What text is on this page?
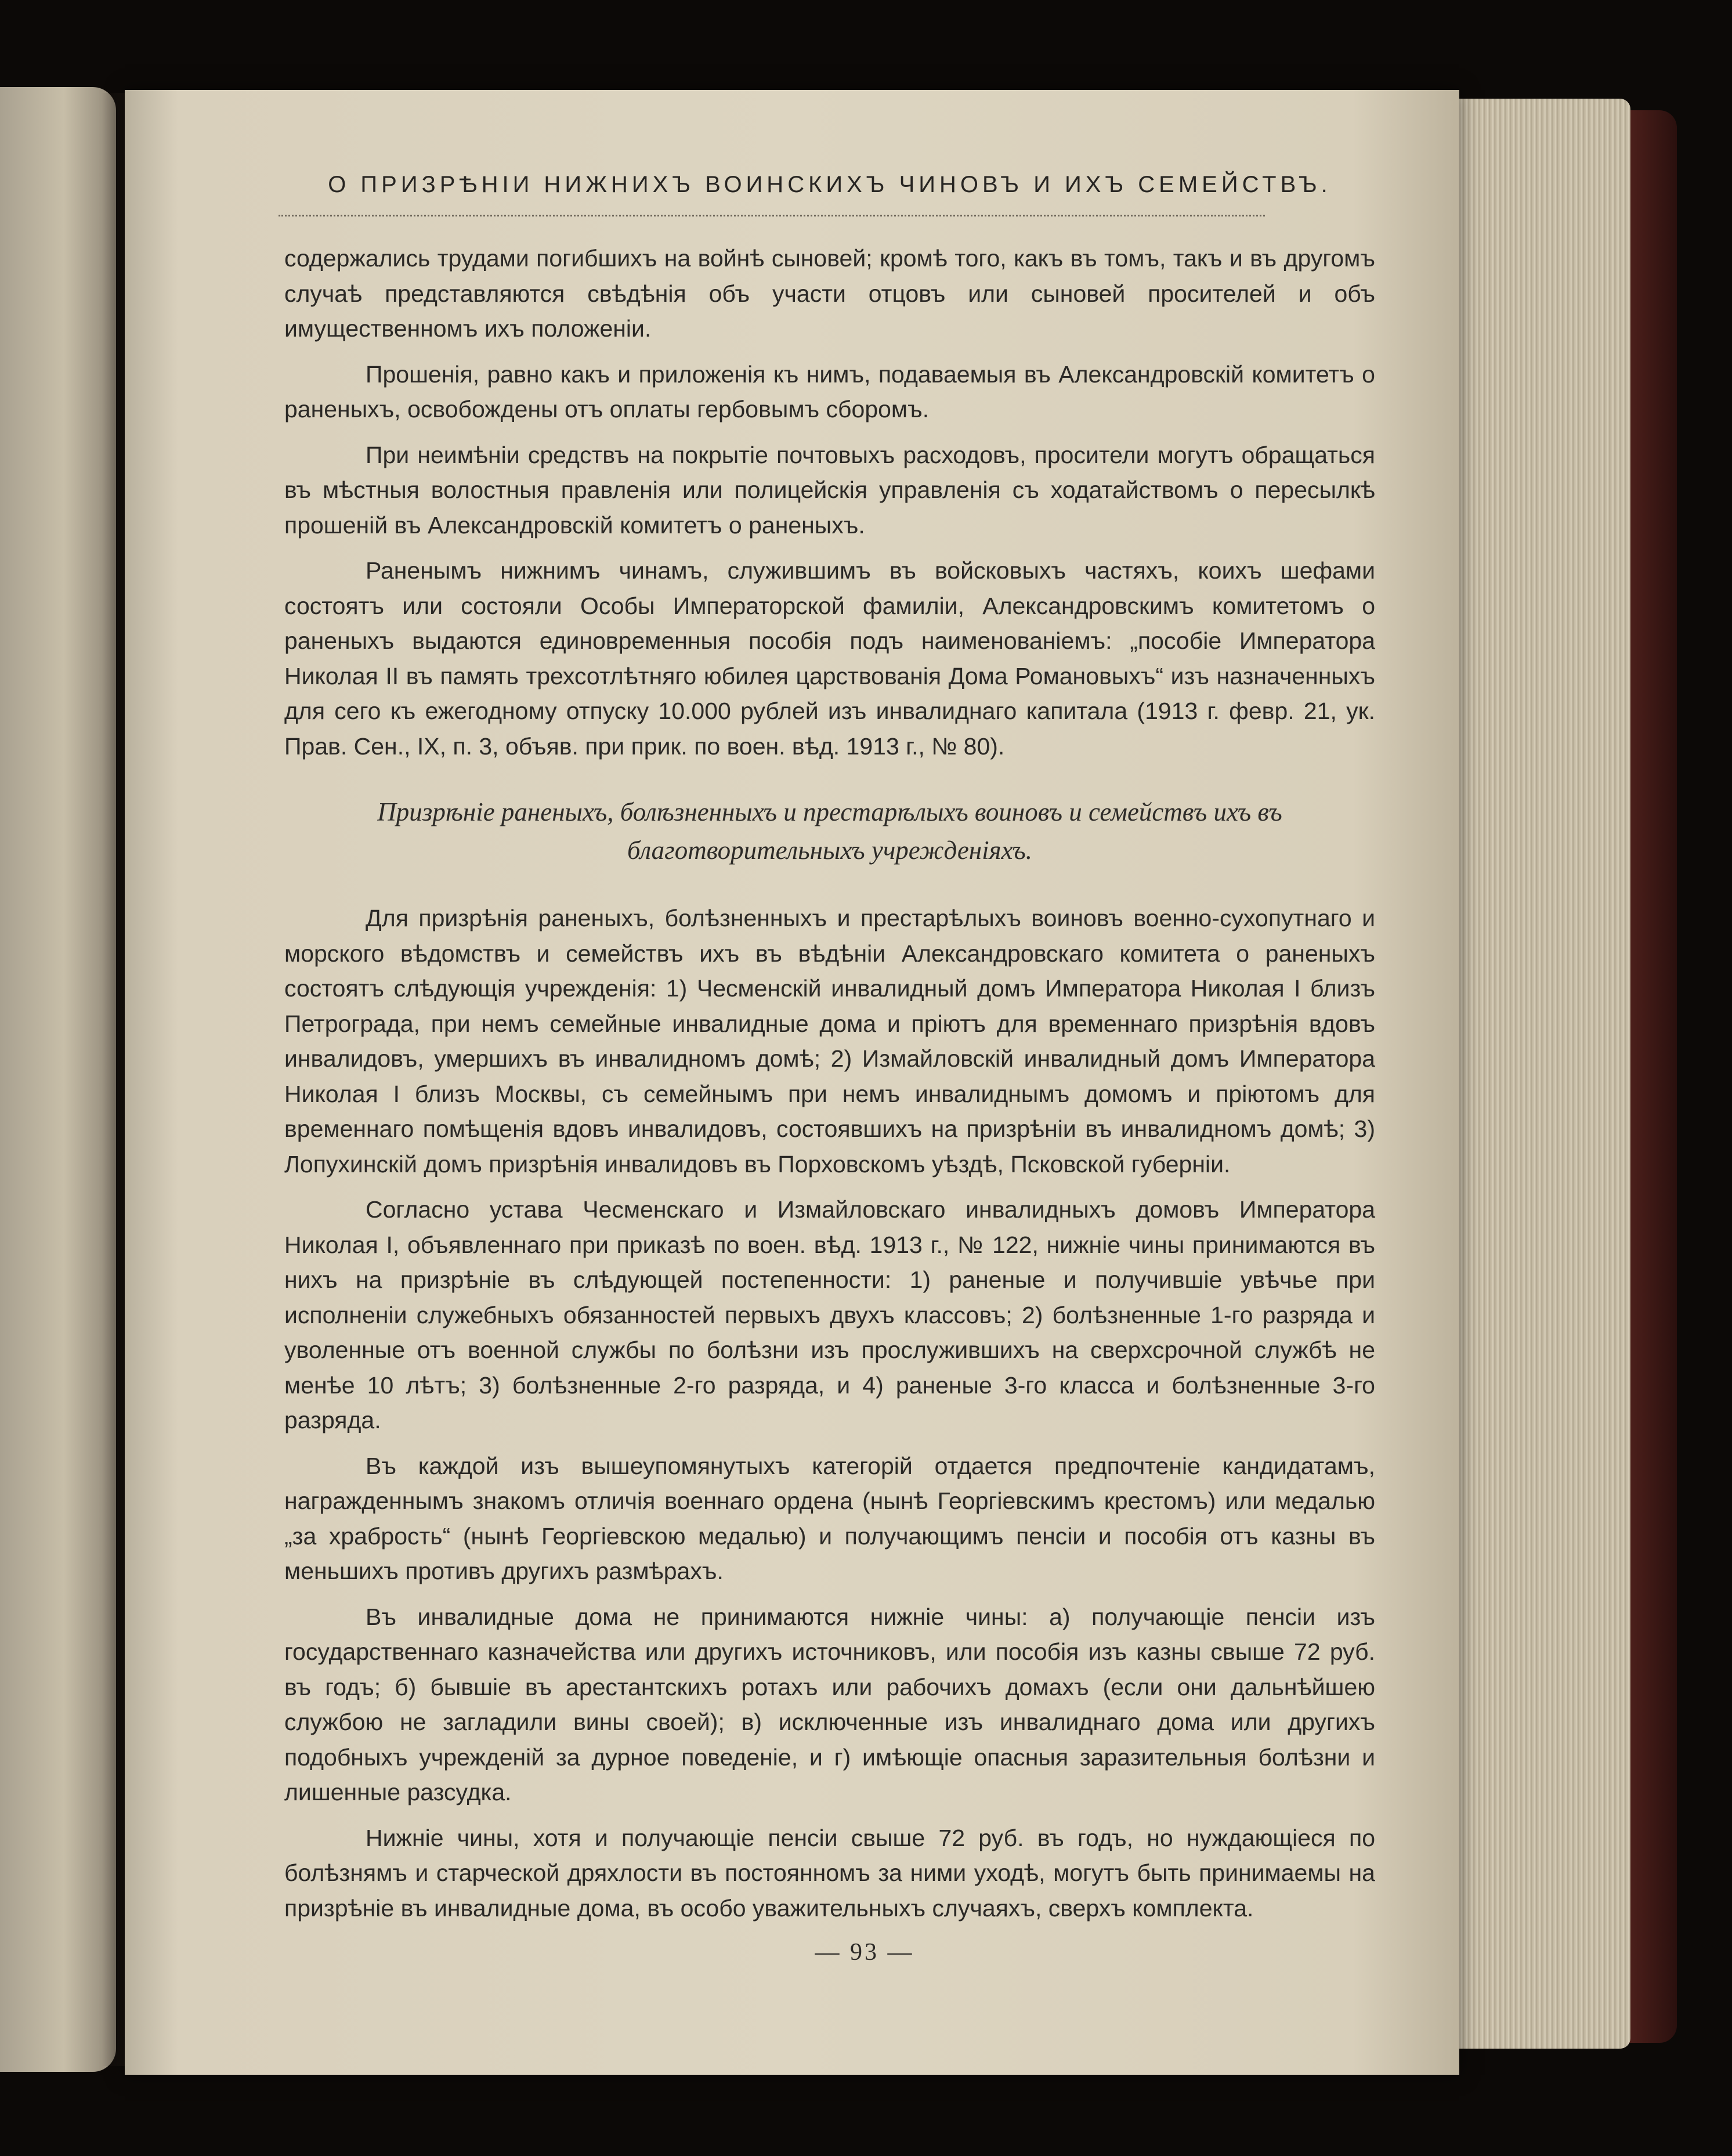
О ПРИЗРѢНІИ НИЖНИХЪ ВОИНСКИХЪ ЧИНОВЪ И ИХЪ СЕМЕЙСТВЪ.

содержались трудами погибшихъ на войнѣ сыновей; кромѣ того, какъ въ томъ, такъ и въ другомъ случаѣ представляются свѣдѣнія объ участи отцовъ или сыновей просителей и объ имущественномъ ихъ положеніи.

Прошенія, равно какъ и приложенія къ нимъ, подаваемыя въ Александровскій комитетъ о раненыхъ, освобождены отъ оплаты гербовымъ сборомъ.

При неимѣніи средствъ на покрытіе почтовыхъ расходовъ, просители могутъ обращаться въ мѣстныя волостныя правленія или полицейскія управленія съ ходатайствомъ о пересылкѣ прошеній въ Александровскій комитетъ о раненыхъ.

Раненымъ нижнимъ чинамъ, служившимъ въ войсковыхъ частяхъ, коихъ шефами состоятъ или состояли Особы Императорской фамиліи, Александровскимъ комитетомъ о раненыхъ выдаются единовременныя пособія подъ наименованіемъ: „пособіе Императора Николая II въ память трехсотлѣтняго юбилея царствованія Дома Романовыхъ“ изъ назначенныхъ для сего къ ежегодному отпуску 10.000 рублей изъ инвалиднаго капитала (1913 г. февр. 21, ук. Прав. Сен., IX, п. 3, объяв. при прик. по воен. вѣд. 1913 г., № 80).

Призрѣніе раненыхъ, болѣзненныхъ и престарѣлыхъ воиновъ и семействъ ихъ въ благотворительныхъ учрежденіяхъ.

Для призрѣнія раненыхъ, болѣзненныхъ и престарѣлыхъ воиновъ военно-сухопутнаго и морского вѣдомствъ и семействъ ихъ въ вѣдѣніи Александровскаго комитета о раненыхъ состоятъ слѣдующія учрежденія: 1) Чесменскій инвалидный домъ Императора Николая I близъ Петрограда, при немъ семейные инвалидные дома и пріютъ для временнаго призрѣнія вдовъ инвалидовъ, умершихъ въ инвалидномъ домѣ; 2) Измайловскій инвалидный домъ Императора Николая I близъ Москвы, съ семейнымъ при немъ инвалиднымъ домомъ и пріютомъ для временнаго помѣщенія вдовъ инвалидовъ, состоявшихъ на призрѣніи въ инвалидномъ домѣ; 3) Лопухинскій домъ призрѣнія инвалидовъ въ Порховскомъ уѣздѣ, Псковской губерніи.

Согласно устава Чесменскаго и Измайловскаго инвалидныхъ домовъ Императора Николая I, объявленнаго при приказѣ по воен. вѣд. 1913 г., № 122, нижніе чины принимаются въ нихъ на призрѣніе въ слѣдующей постепенности: 1) раненые и получившіе увѣчье при исполненіи служебныхъ обязанностей первыхъ двухъ классовъ; 2) болѣзненные 1-го разряда и уволенные отъ военной службы по болѣзни изъ прослужившихъ на сверхсрочной службѣ не менѣе 10 лѣтъ; 3) болѣзненные 2-го разряда, и 4) раненые 3-го класса и болѣзненные 3-го разряда.

Въ каждой изъ вышеупомянутыхъ категорій отдается предпочтеніе кандидатамъ, награжденнымъ знакомъ отличія военнаго ордена (нынѣ Георгіевскимъ крестомъ) или медалью „за храбрость“ (нынѣ Георгіевскою медалью) и получающимъ пенсіи и пособія отъ казны въ меньшихъ противъ другихъ размѣрахъ.

Въ инвалидные дома не принимаются нижніе чины: а) получающіе пенсіи изъ государственнаго казначейства или другихъ источниковъ, или пособія изъ казны свыше 72 руб. въ годъ; б) бывшіе въ арестантскихъ ротахъ или рабочихъ домахъ (если они дальнѣйшею службою не загладили вины своей); в) исключенные изъ инвалиднаго дома или другихъ подобныхъ учрежденій за дурное поведеніе, и г) имѣющіе опасныя заразительныя болѣзни и лишенные разсудка.

Нижніе чины, хотя и получающіе пенсіи свыше 72 руб. въ годъ, но нуждающіеся по болѣзнямъ и старческой дряхлости въ постоянномъ за ними уходѣ, могутъ быть принимаемы на призрѣніе въ инвалидные дома, въ особо уважительныхъ случаяхъ, сверхъ комплекта.

— 93 —
